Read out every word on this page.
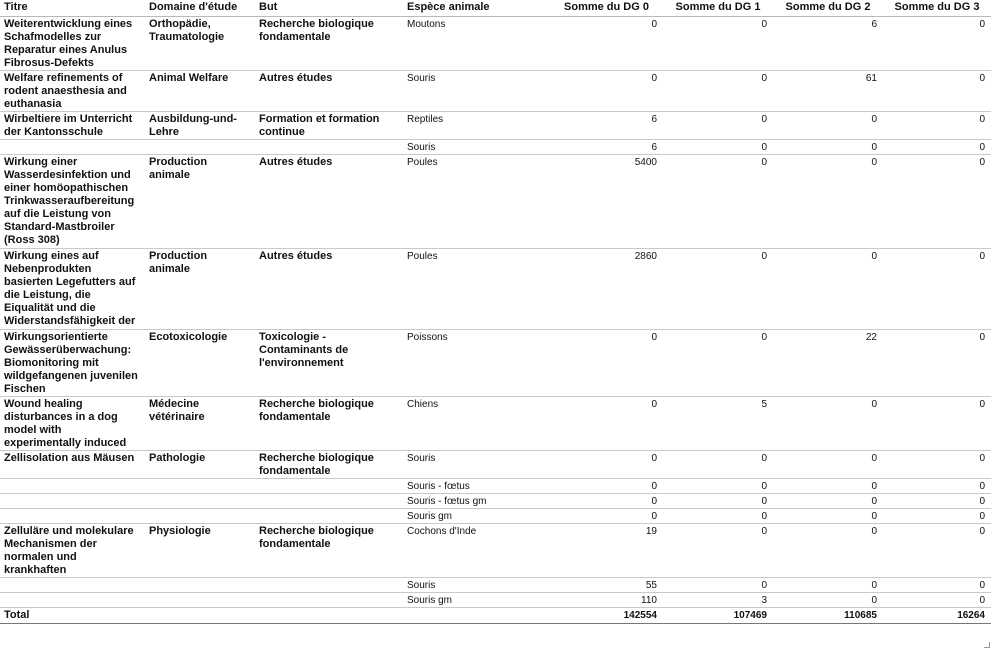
Titre	Domaine d'étude	But	Espèce animale	Somme du DG 0	Somme du DG 1	Somme du DG 2	Somme du DG 3
Weiterentwicklung eines Schafmodelles zur Reparatur eines Anulus Fibrosus-Defekts	Orthopädie, Traumatologie	Recherche biologique fondamentale	Moutons	0	0	6	0
Welfare refinements of rodent anaesthesia and euthanasia	Animal Welfare	Autres études	Souris	0	0	61	0
Wirbeltiere im Unterricht der Kantonsschule	Ausbildung-und-Lehre	Formation et formation continue	Reptiles	6	0	0	0
			Souris	6	0	0	0
Wirkung einer Wasserdesinfektion und einer homöopathischen Trinkwasseraufbereitung auf die Leistung von Standard-Mastbroiler (Ross 308)	Production animale	Autres études	Poules	5400	0	0	0
Wirkung eines auf Nebenprodukten basierten Legefutters auf die Leistung, die Eiqualität und die Widerstandsfähigkeit der	Production animale	Autres études	Poules	2860	0	0	0
Wirkungsorientierte Gewässerüberwachung: Biomonitoring mit wildgefangenen juvenilen Fischen	Ecotoxicologie	Toxicologie - Contaminants de l'environnement	Poissons	0	0	22	0
Wound healing disturbances in a dog model with experimentally induced	Médecine vétérinaire	Recherche biologique fondamentale	Chiens	0	5	0	0
Zellisolation aus Mäusen	Pathologie	Recherche biologique fondamentale	Souris	0	0	0	0
			Souris - fœtus	0	0	0	0
			Souris - fœtus gm	0	0	0	0
			Souris gm	0	0	0	0
Zelluläre und molekulare Mechanismen der normalen und krankhaften	Physiologie	Recherche biologique fondamentale	Cochons d'Inde	19	0	0	0
			Souris	55	0	0	0
			Souris gm	110	3	0	0
Total				142554	107469	110685	16264
